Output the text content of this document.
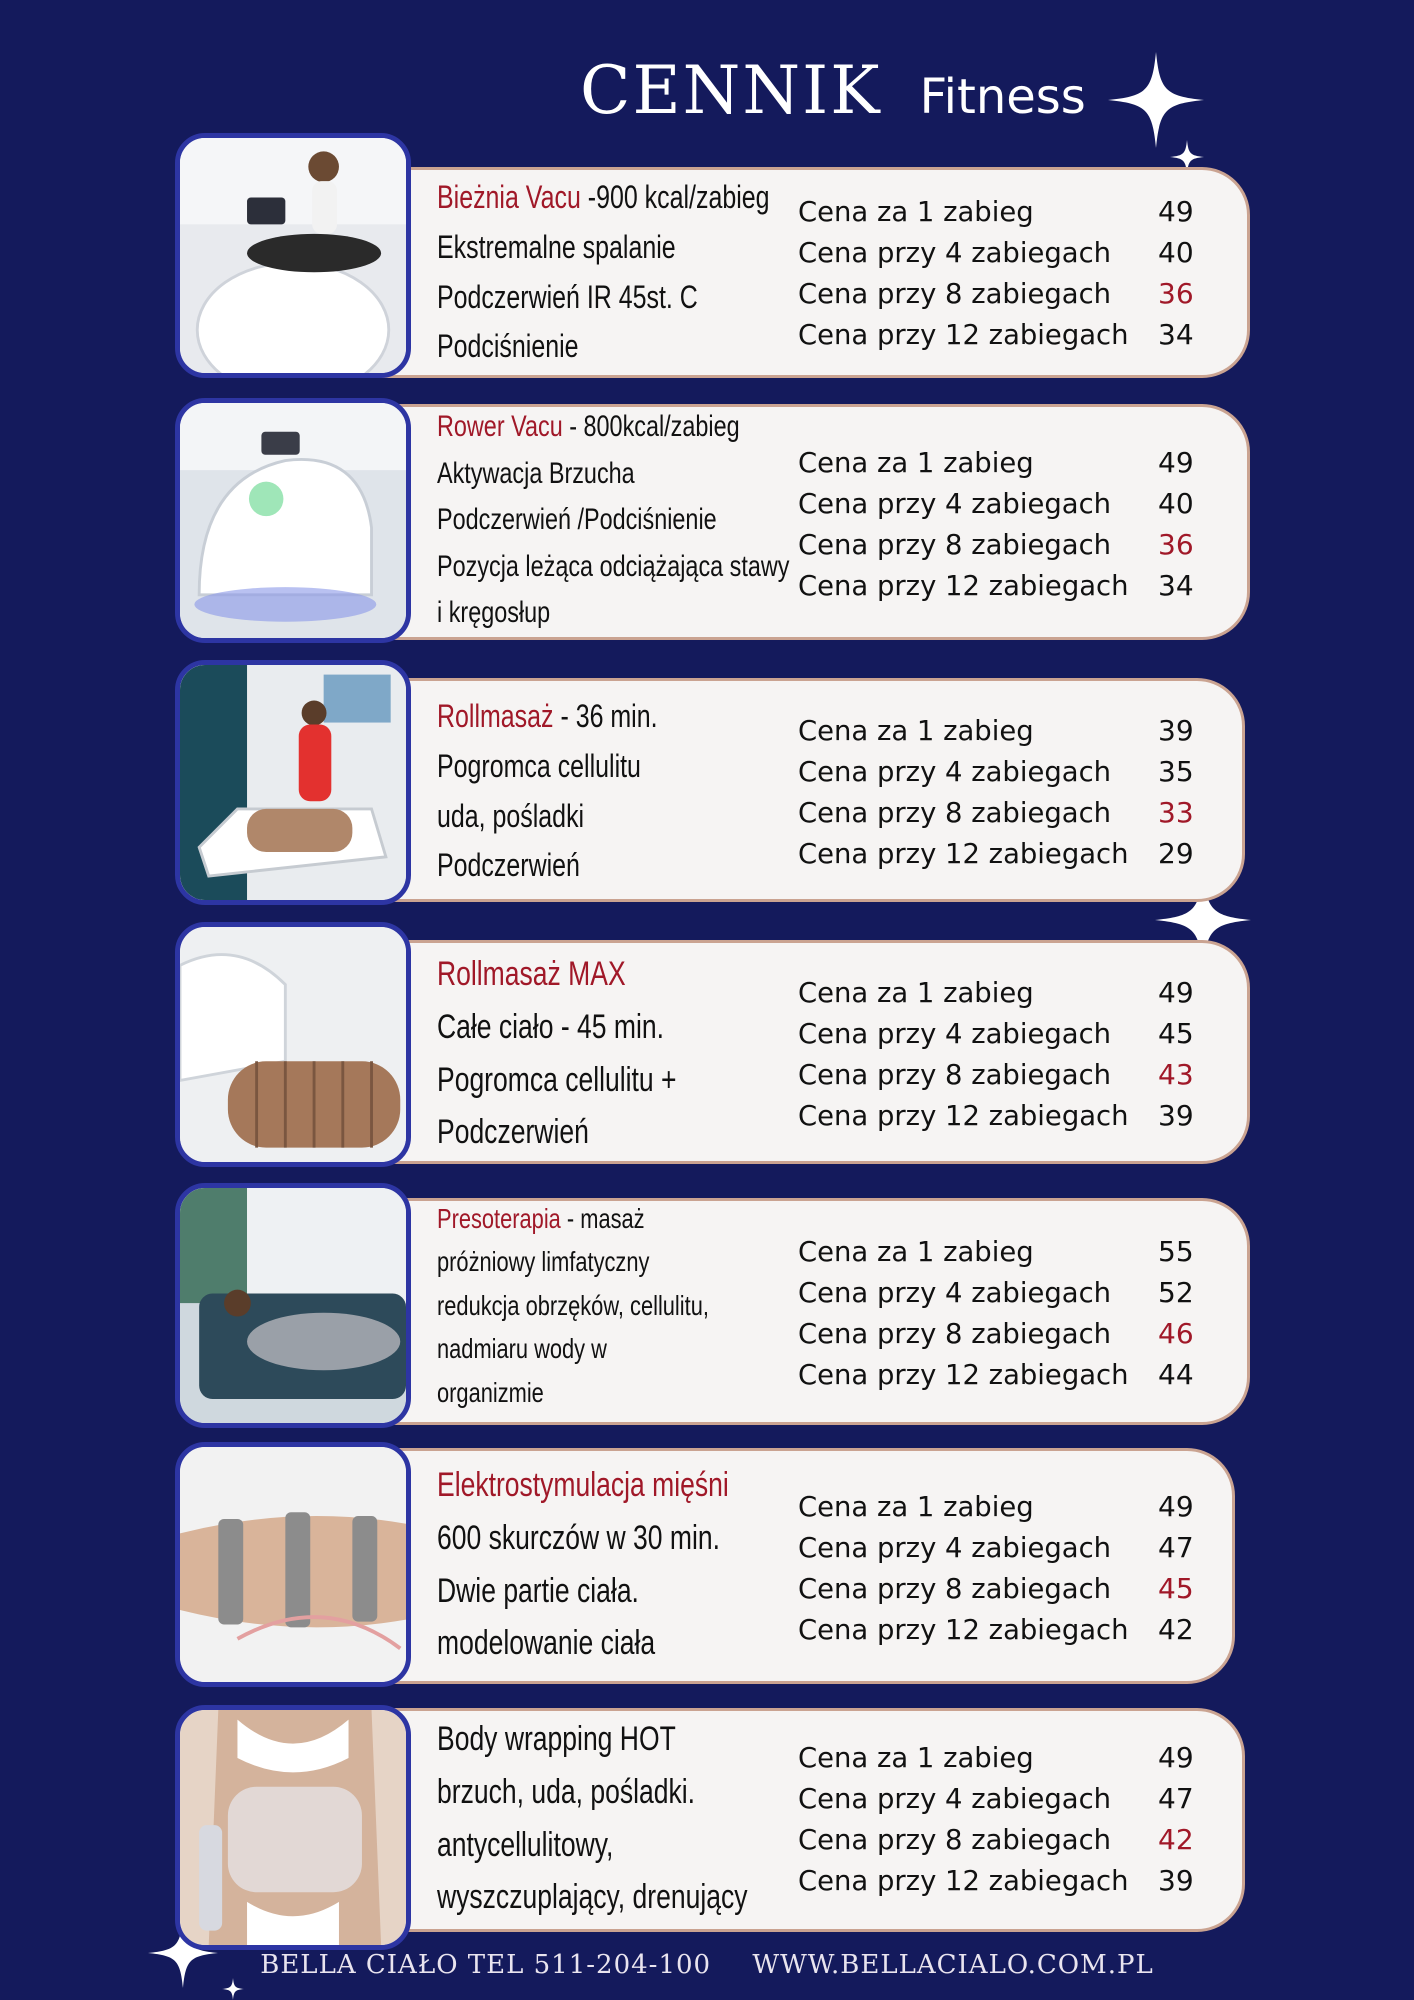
CENNIK Fitness
Bieżnia Vacu -900 kcal/zabieg
Ekstremalne spalanie
Podczerwień IR 45st. C
Podciśnienie
Cena za 1 zabieg	49
Cena przy 4 zabiegach	40
Cena przy 8 zabiegach	36
Cena przy 12 zabiegach	34
Rower Vacu - 800kcal/zabieg
Aktywacja Brzucha
Podczerwień /Podciśnienie
Pozycja leżąca odciążająca stawy
i kręgosłup
Cena za 1 zabieg	49
Cena przy 4 zabiegach	40
Cena przy 8 zabiegach	36
Cena przy 12 zabiegach	34
Rollmasaż - 36 min.
Pogromca cellulitu
uda, pośladki
Podczerwień
Cena za 1 zabieg	39
Cena przy 4 zabiegach	35
Cena przy 8 zabiegach	33
Cena przy 12 zabiegach	29
Rollmasaż MAX
Całe ciało - 45 min.
Pogromca cellulitu +
Podczerwień
Cena za 1 zabieg	49
Cena przy 4 zabiegach	45
Cena przy 8 zabiegach	43
Cena przy 12 zabiegach	39
Presoterapia - masaż
próżniowy limfatyczny
redukcja obrzęków, cellulitu,
nadmiaru wody w
organizmie
Cena za 1 zabieg	55
Cena przy 4 zabiegach	52
Cena przy 8 zabiegach	46
Cena przy 12 zabiegach	44
Elektrostymulacja mięśni
600 skurczów w 30 min.
Dwie partie ciała.
modelowanie ciała
Cena za 1 zabieg	49
Cena przy 4 zabiegach	47
Cena przy 8 zabiegach	45
Cena przy 12 zabiegach	42
Body wrapping HOT
brzuch, uda, pośladki.
antycellulitowy,
wyszczuplający, drenujący
Cena za 1 zabieg	49
Cena przy 4 zabiegach	47
Cena przy 8 zabiegach	42
Cena przy 12 zabiegach	39
BELLA CIAŁO TEL 511-204-100 WWW.BELLACIALO.COM.PL
